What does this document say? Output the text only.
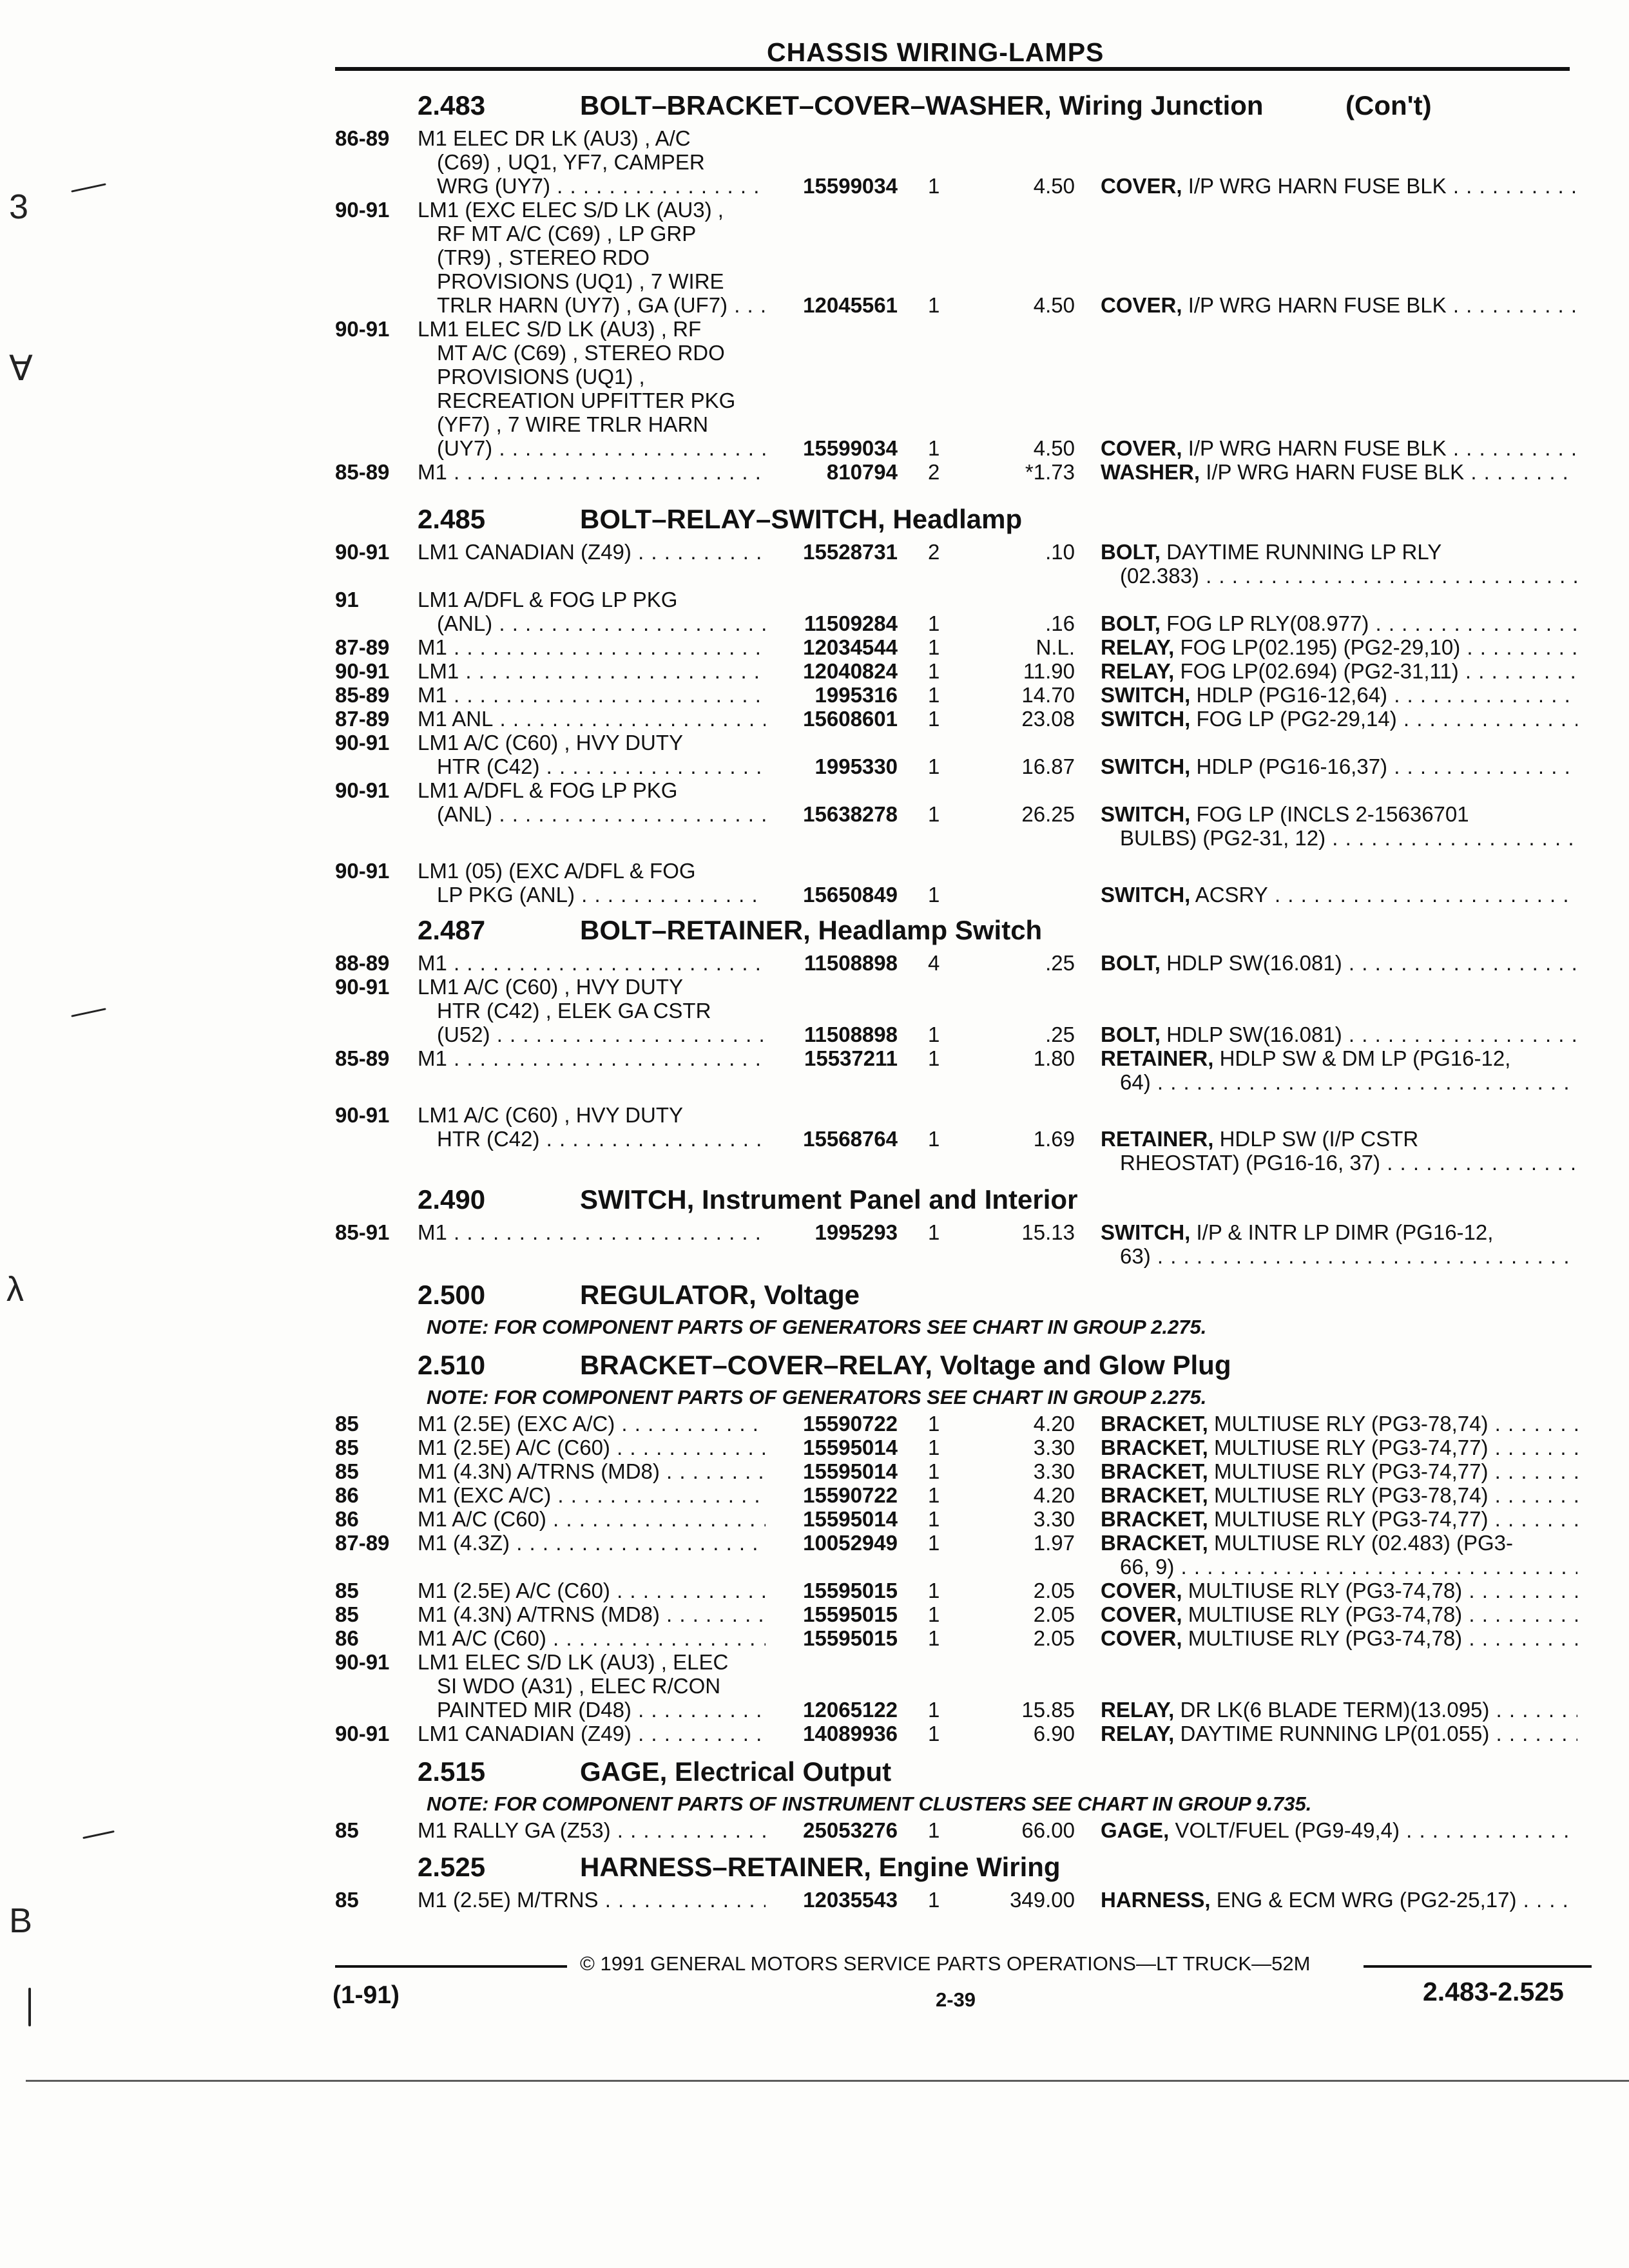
CHASSIS WIRING-LAMPS
2.483	BOLT–BRACKET–COVER–WASHER, Wiring Junction	(Con't)
86-89 M1 ELEC DR LK (AU3) , A/C
(C69) , UQ1, YF7, CAMPER
WRG (UY7) . . .	15599034 1	4.50 COVER, I/P WRG HARN FUSE BLK . . .
90-91 LM1 (EXC ELEC S/D LK (AU3) ,
RF MT A/C (C69) , LP GRP
(TR9) , STEREO RDO
PROVISIONS (UQ1) , 7 WIRE
TRLR HARN (UY7) , GA (UF7) . . .	12045561 1	4.50 COVER, I/P WRG HARN FUSE BLK . . .
90-91 LM1 ELEC S/D LK (AU3) , RF
MT A/C (C69) , STEREO RDO
PROVISIONS (UQ1) ,
RECREATION UPFITTER PKG
(YF7) , 7 WIRE TRLR HARN
(UY7) . . .	15599034 1	4.50 COVER, I/P WRG HARN FUSE BLK . . .
85-89 M1 . . .	810794 2	*1.73 WASHER, I/P WRG HARN FUSE BLK . . .
2.485	BOLT–RELAY–SWITCH, Headlamp
90-91 LM1 CANADIAN (Z49) . . .	15528731 2	.10 BOLT, DAYTIME RUNNING LP RLY
(02.383) . . .
91	LM1 A/DFL & FOG LP PKG
(ANL) . . .	11509284 1	.16 BOLT, FOG LP RLY(08.977) . . .
87-89 M1 . . .	12034544 1	N.L. RELAY, FOG LP(02.195) (PG2-29,10) . . .
90-91 LM1 . . .	12040824 1	11.90 RELAY, FOG LP(02.694) (PG2-31,11) . . .
85-89 M1 . . .	1995316 1	14.70 SWITCH, HDLP (PG16-12,64) . . .
87-89 M1 ANL . . .	15608601 1	23.08 SWITCH, FOG LP (PG2-29,14) . . .
90-91 LM1 A/C (C60) , HVY DUTY
HTR (C42) . . .	1995330 1	16.87 SWITCH, HDLP (PG16-16,37) . . .
90-91 LM1 A/DFL & FOG LP PKG
(ANL) . . .	15638278 1	26.25 SWITCH, FOG LP (INCLS 2-15636701
BULBS) (PG2-31, 12) . . .
90-91 LM1 (05) (EXC A/DFL & FOG
LP PKG (ANL) . . .	15650849 1	SWITCH, ACSRY . . .
2.487	BOLT–RETAINER, Headlamp Switch
88-89 M1 . . .	11508898 4	.25 BOLT, HDLP SW(16.081) . . .
90-91 LM1 A/C (C60) , HVY DUTY
HTR (C42) , ELEK GA CSTR
(U52) . . .	11508898 1	.25 BOLT, HDLP SW(16.081) . . .
85-89 M1 . . .	15537211 1	1.80 RETAINER, HDLP SW & DM LP (PG16-12,
64) . . .
90-91 LM1 A/C (C60) , HVY DUTY
HTR (C42) . . .	15568764 1	1.69 RETAINER, HDLP SW (I/P CSTR
RHEOSTAT) (PG16-16, 37) . . .
2.490	SWITCH, Instrument Panel and Interior
85-91 M1 . . .	1995293 1	15.13 SWITCH, I/P & INTR LP DIMR (PG16-12,
63) . . .
2.500	REGULATOR, Voltage
NOTE: FOR COMPONENT PARTS OF GENERATORS SEE CHART IN GROUP 2.275.
2.510	BRACKET–COVER–RELAY, Voltage and Glow Plug
NOTE: FOR COMPONENT PARTS OF GENERATORS SEE CHART IN GROUP 2.275.
85	M1 (2.5E) (EXC A/C) . . .	15590722 1	4.20 BRACKET, MULTIUSE RLY (PG3-78,74) . . .
85	M1 (2.5E) A/C (C60) . . .	15595014 1	3.30 BRACKET, MULTIUSE RLY (PG3-74,77) . . .
85	M1 (4.3N) A/TRNS (MD8) . . .	15595014 1	3.30 BRACKET, MULTIUSE RLY (PG3-74,77) . . .
86	M1 (EXC A/C) . . .	15590722 1	4.20 BRACKET, MULTIUSE RLY (PG3-78,74) . . .
86	M1 A/C (C60) . . .	15595014 1	3.30 BRACKET, MULTIUSE RLY (PG3-74,77) . . .
87-89 M1 (4.3Z) . . .	10052949 1	1.97 BRACKET, MULTIUSE RLY (02.483) (PG3-
66, 9) . . .
85	M1 (2.5E) A/C (C60) . . .	15595015 1	2.05 COVER, MULTIUSE RLY (PG3-74,78) . . .
85	M1 (4.3N) A/TRNS (MD8) . . .	15595015 1	2.05 COVER, MULTIUSE RLY (PG3-74,78) . . .
86	M1 A/C (C60) . . .	15595015 1	2.05 COVER, MULTIUSE RLY (PG3-74,78) . . .
90-91 LM1 ELEC S/D LK (AU3) , ELEC
SI WDO (A31) , ELEC R/CON
PAINTED MIR (D48) . . .	12065122 1	15.85 RELAY, DR LK(6 BLADE TERM)(13.095) . . .
90-91 LM1 CANADIAN (Z49) . . .	14089936 1	6.90 RELAY, DAYTIME RUNNING LP(01.055) . . .
2.515	GAGE, Electrical Output
NOTE: FOR COMPONENT PARTS OF INSTRUMENT CLUSTERS SEE CHART IN GROUP 9.735.
85	M1 RALLY GA (Z53) . . .	25053276 1	66.00 GAGE, VOLT/FUEL (PG9-49,4) . . .
2.525	HARNESS–RETAINER, Engine Wiring
85	M1 (2.5E) M/TRNS . . .	12035543 1	349.00 HARNESS, ENG & ECM WRG (PG2-25,17) . . .
© 1991 GENERAL MOTORS SERVICE PARTS OPERATIONS—LT TRUCK—52M
(1-91)	2-39	2.483-2.525
3
∀
λ
B
